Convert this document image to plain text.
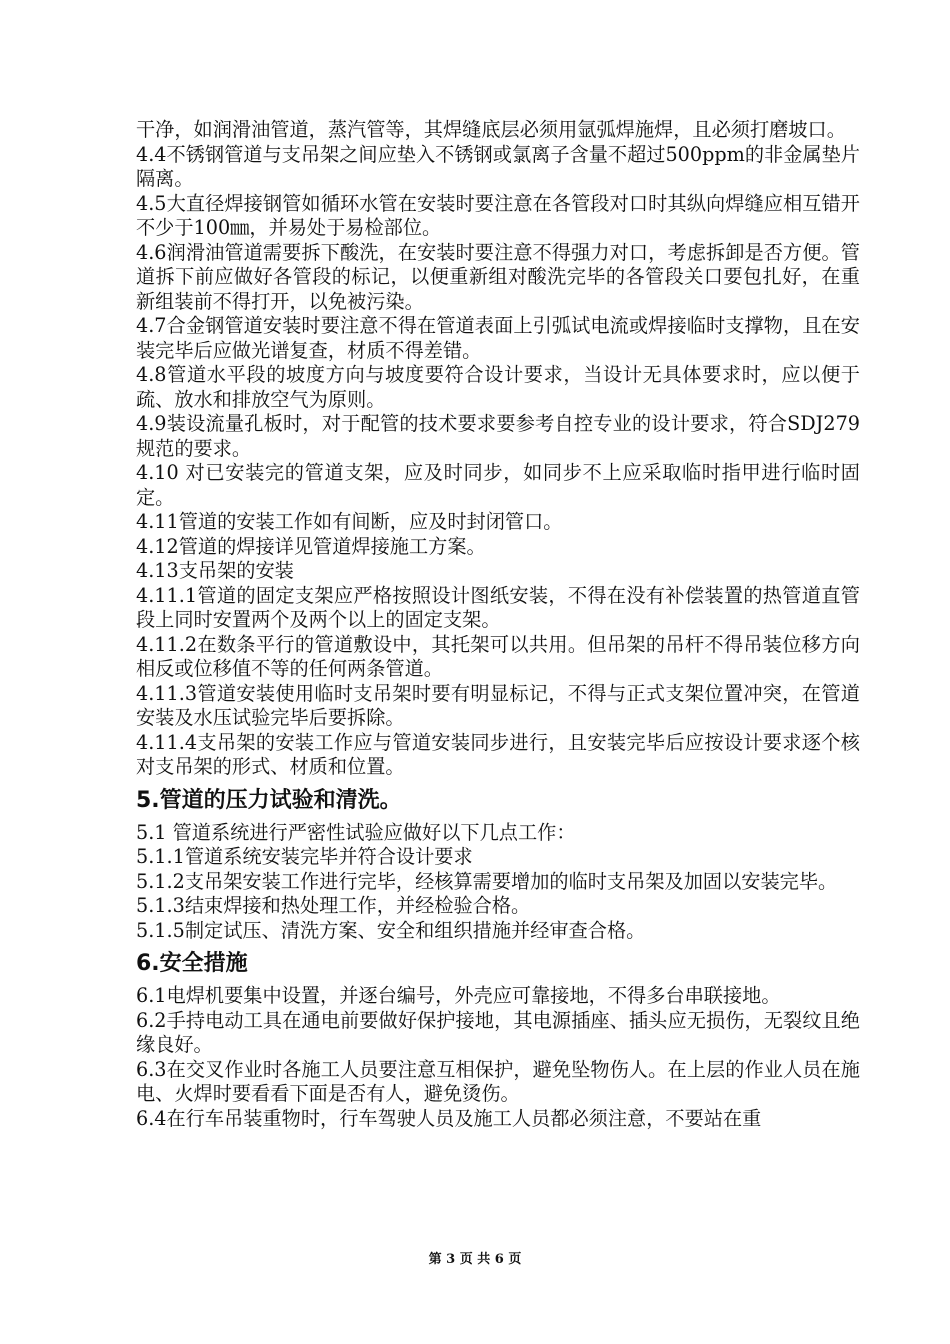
干净，如润滑油管道，蒸汽管等，其焊缝底层必须用氩弧焊施焊，且必须打磨坡口。
4.4不锈钢管道与支吊架之间应垫入不锈钢或氯离子含量不超过500ppm的非金属垫片隔离。
4.5大直径焊接钢管如循环水管在安装时要注意在各管段对口时其纵向焊缝应相互错开不少于100㎜，并易处于易检部位。
4.6润滑油管道需要拆下酸洗，在安装时要注意不得强力对口，考虑拆卸是否方便。管道拆下前应做好各管段的标记，以便重新组对酸洗完毕的各管段关口要包扎好，在重新组装前不得打开，以免被污染。
4.7合金钢管道安装时要注意不得在管道表面上引弧试电流或焊接临时支撑物，且在安装完毕后应做光谱复查，材质不得差错。
4.8管道水平段的坡度方向与坡度要符合设计要求，当设计无具体要求时，应以便于疏、放水和排放空气为原则。
4.9装设流量孔板时，对于配管的技术要求要参考自控专业的设计要求，符合SDJ279规范的要求。
4.10 对已安装完的管道支架，应及时同步，如同步不上应采取临时指甲进行临时固定。
4.11管道的安装工作如有间断，应及时封闭管口。
4.12管道的焊接详见管道焊接施工方案。
4.13支吊架的安装
4.11.1管道的固定支架应严格按照设计图纸安装，不得在没有补偿装置的热管道直管段上同时安置两个及两个以上的固定支架。
4.11.2在数条平行的管道敷设中，其托架可以共用。但吊架的吊杆不得吊装位移方向相反或位移值不等的任何两条管道。
4.11.3管道安装使用临时支吊架时要有明显标记，不得与正式支架位置冲突，在管道安装及水压试验完毕后要拆除。
4.11.4支吊架的安装工作应与管道安装同步进行，且安装完毕后应按设计要求逐个核对支吊架的形式、材质和位置。
5.管道的压力试验和清洗。
5.1 管道系统进行严密性试验应做好以下几点工作：
5.1.1管道系统安装完毕并符合设计要求
5.1.2支吊架安装工作进行完毕，经核算需要增加的临时支吊架及加固以安装完毕。
5.1.3结束焊接和热处理工作，并经检验合格。
5.1.5制定试压、清洗方案、安全和组织措施并经审查合格。
6.安全措施
6.1电焊机要集中设置，并逐台编号，外壳应可靠接地，不得多台串联接地。
6.2手持电动工具在通电前要做好保护接地，其电源插座、插头应无损伤，无裂纹且绝缘良好。
6.3在交叉作业时各施工人员要注意互相保护，避免坠物伤人。在上层的作业人员在施电、火焊时要看看下面是否有人，避免烫伤。
6.4在行车吊装重物时，行车驾驶人员及施工人员都必须注意，不要站在重
第 3 页 共 6 页
